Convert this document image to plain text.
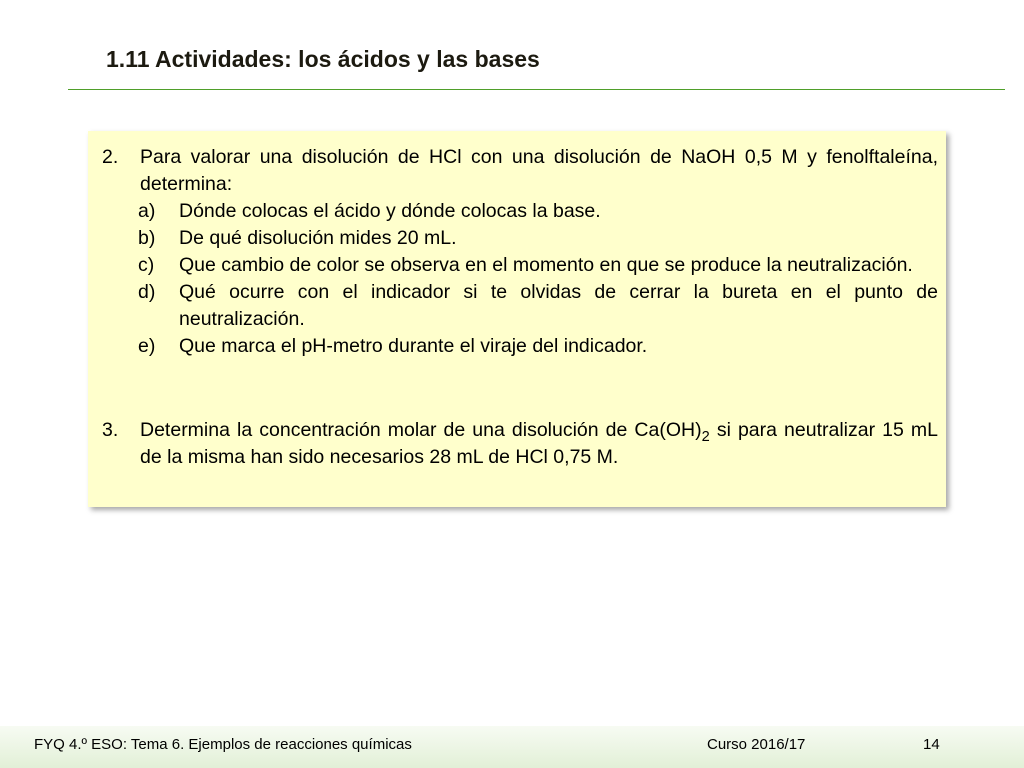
1.11 Actividades: los ácidos y las bases
2. Para valorar una disolución de HCl con una disolución de NaOH 0,5 M y fenolftaleína, determina:
a) Dónde colocas el ácido y dónde colocas la base.
b) De qué disolución mides 20 mL.
c) Que cambio de color se observa en el momento en que se produce la neutralización.
d) Qué ocurre con el indicador si te olvidas de cerrar la bureta en el punto de neutralización.
e) Que marca el pH-metro durante el viraje del indicador.
3. Determina la concentración molar de una disolución de $Ca(OH)_2$ si para neutralizar 15 mL de la misma han sido necesarios 28 mL de HCl 0,75 M.
FYQ 4.º ESO: Tema 6. Ejemplos de reacciones químicas	Curso 2016/17	14
